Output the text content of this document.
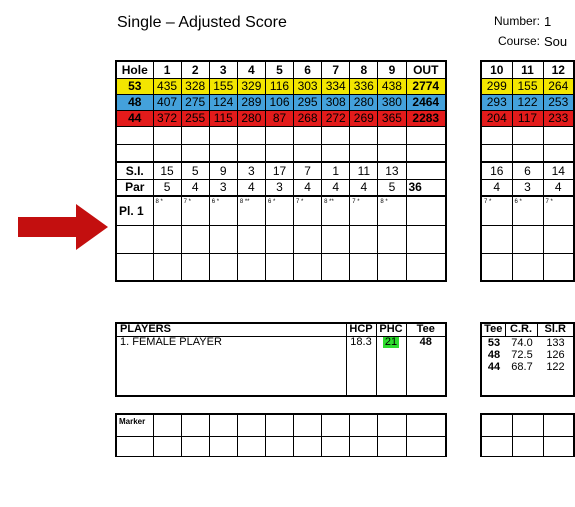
Single – Adjusted Score	Number: 1
Course: Sou
Hole	1	2	3	4	5	6	7	8	9	OUT
53	435	328	155	329	116	303	334	336	438	2774
48	407	275	124	289	106	295	308	280	380	2464
44	372	255	115	280	87	268	272	269	365	2283

S.I.	15	5	9	3	17	7	1	11	13	
Par	5	4	3	4	3	4	4	4	5	36
Pl. 1	8 *	7 *	6 *	8 **	6 *	7 *	8 **	7 *	8 *	

10	11	12
299	155	264
293	122	253
204	117	233

16	6	14
4	3	4
7 *	6 *	7 *

PLAYERS	HCP	PHC	Tee
1. FEMALE PLAYER	18.3	21	48
Tee	C.R.	Sl.R

53	74.0	133
48	72.5	126
44	68.7	122
Marker										
